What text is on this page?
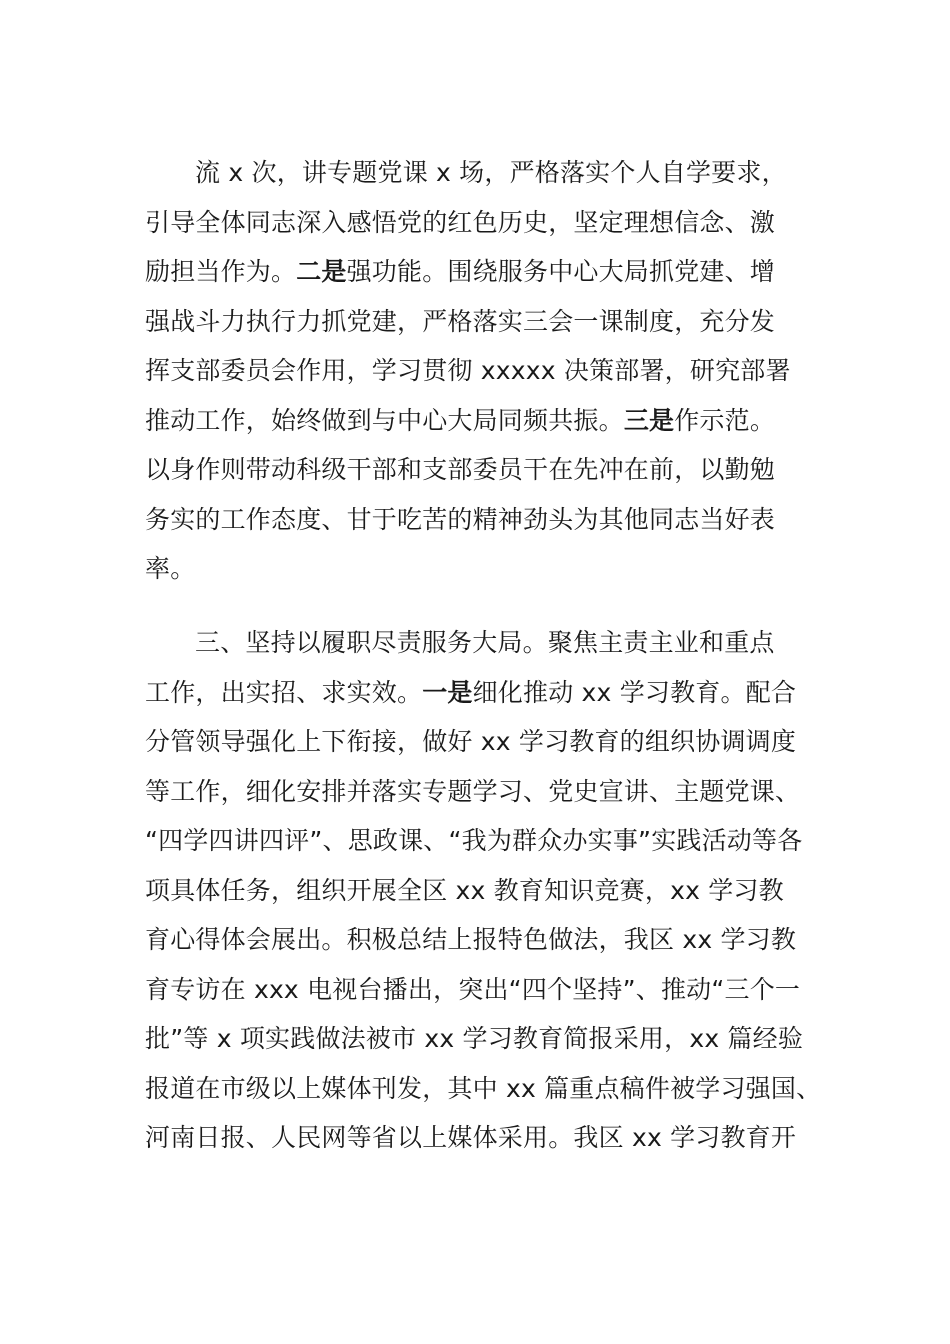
流 x 次，讲专题党课 x 场，严格落实个人自学要求，
引导全体同志深入感悟党的红色历史，坚定理想信念、激
励担当作为。二是强功能。围绕服务中心大局抓党建、增
强战斗力执行力抓党建，严格落实三会一课制度，充分发
挥支部委员会作用，学习贯彻 xxxxx 决策部署，研究部署
推动工作，始终做到与中心大局同频共振。三是作示范。
以身作则带动科级干部和支部委员干在先冲在前，以勤勉
务实的工作态度、甘于吃苦的精神劲头为其他同志当好表
率。
三、坚持以履职尽责服务大局。聚焦主责主业和重点
工作，出实招、求实效。一是细化推动 xx 学习教育。配合
分管领导强化上下衔接，做好 xx 学习教育的组织协调调度
等工作，细化安排并落实专题学习、党史宣讲、主题党课、
“四学四讲四评”、思政课、“我为群众办实事”实践活动等各
项具体任务，组织开展全区 xx 教育知识竞赛，xx 学习教
育心得体会展出。积极总结上报特色做法，我区 xx 学习教
育专访在 xxx 电视台播出，突出“四个坚持”、推动“三个一
批”等 x 项实践做法被市 xx 学习教育简报采用，xx 篇经验
报道在市级以上媒体刊发，其中 xx 篇重点稿件被学习强国、
河南日报、人民网等省以上媒体采用。我区 xx 学习教育开
